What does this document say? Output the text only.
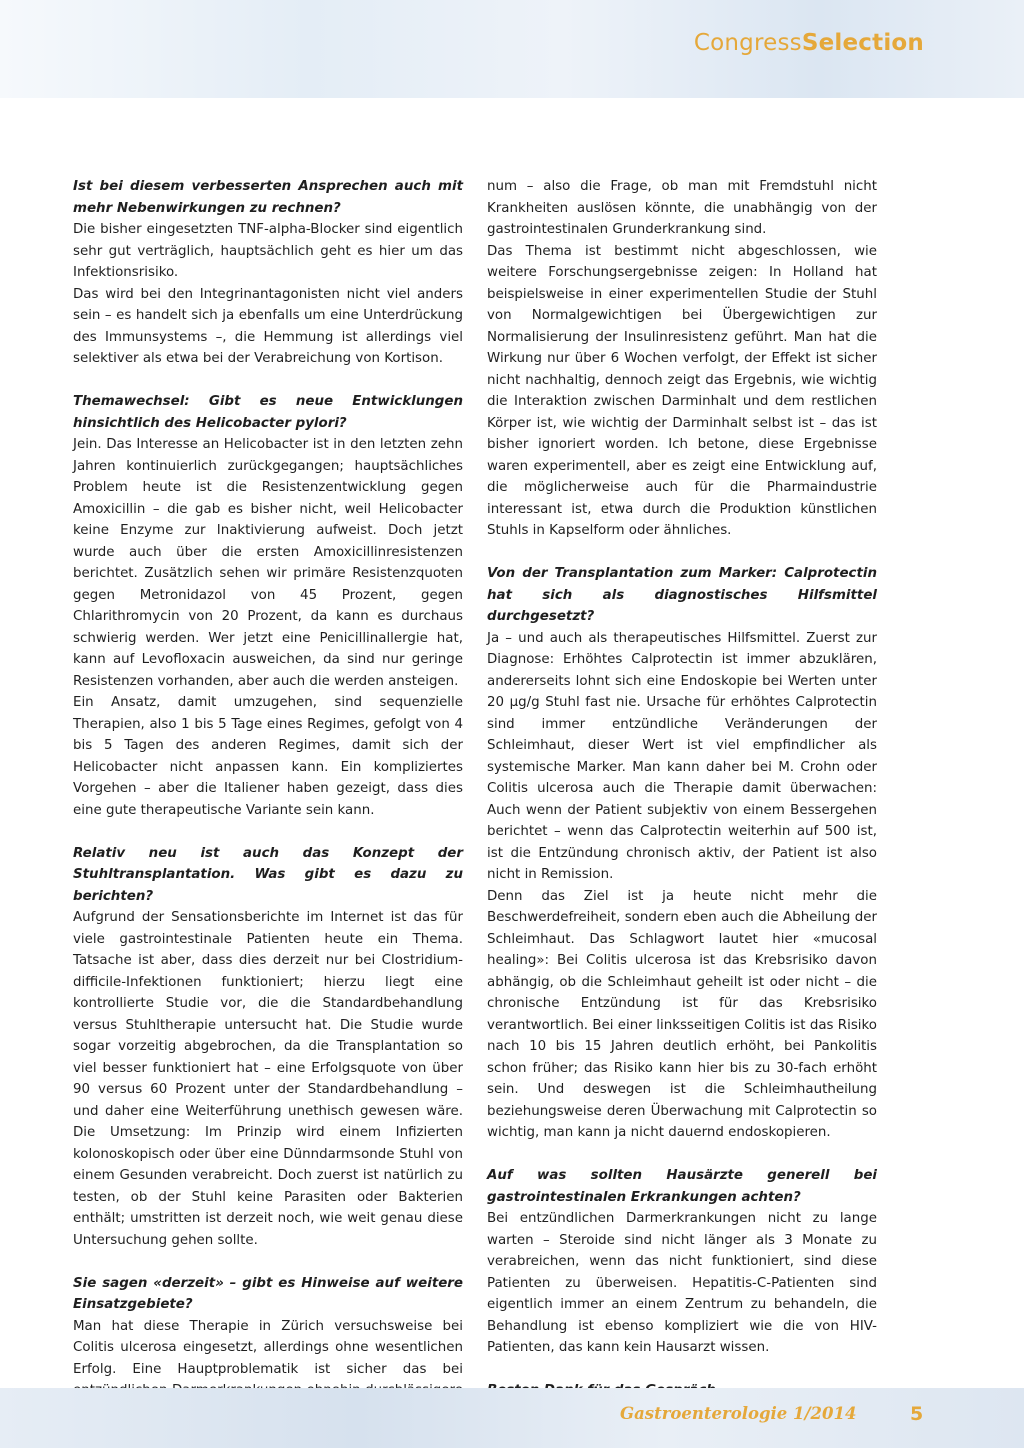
CongressSelection

Ist bei diesem verbesserten Ansprechen auch mit mehr Nebenwirkungen zu rechnen?

Die bisher eingesetzten TNF-alpha-Blocker sind eigentlich sehr gut verträglich, hauptsächlich geht es hier um das Infektionsrisiko.

Das wird bei den Integrinantagonisten nicht viel anders sein – es handelt sich ja ebenfalls um eine Unterdrückung des Immunsystems –, die Hemmung ist allerdings viel selektiver als etwa bei der Verabreichung von Kortison.

Themawechsel: Gibt es neue Entwicklungen hinsichtlich des Helicobacter pylori?

Jein. Das Interesse an Helicobacter ist in den letzten zehn Jahren kontinuierlich zurückgegangen; hauptsächliches Problem heute ist die Resistenzentwicklung gegen Amoxicillin – die gab es bisher nicht, weil Helicobacter keine Enzyme zur Inaktivierung aufweist. Doch jetzt wurde auch über die ersten Amoxicillinresistenzen berichtet. Zusätzlich sehen wir primäre Resistenzquoten gegen Metronidazol von 45 Prozent, gegen Chlarithromycin von 20 Prozent, da kann es durchaus schwierig werden. Wer jetzt eine Penicillinallergie hat, kann auf Levofloxacin ausweichen, da sind nur geringe Resistenzen vorhanden, aber auch die werden ansteigen.

Ein Ansatz, damit umzugehen, sind sequenzielle Therapien, also 1 bis 5 Tage eines Regimes, gefolgt von 4 bis 5 Tagen des anderen Regimes, damit sich der Helicobacter nicht anpassen kann. Ein kompliziertes Vorgehen – aber die Italiener haben gezeigt, dass dies eine gute therapeutische Variante sein kann.

Relativ neu ist auch das Konzept der Stuhltransplantation. Was gibt es dazu zu berichten?

Aufgrund der Sensationsberichte im Internet ist das für viele gastrointestinale Patienten heute ein Thema. Tatsache ist aber, dass dies derzeit nur bei Clostridium-difficile-Infektionen funktioniert; hierzu liegt eine kontrollierte Studie vor, die die Standardbehandlung versus Stuhltherapie untersucht hat. Die Studie wurde sogar vorzeitig abgebrochen, da die Transplantation so viel besser funktioniert hat – eine Erfolgsquote von über 90 versus 60 Prozent unter der Standardbehandlung – und daher eine Weiterführung unethisch gewesen wäre. Die Umsetzung: Im Prinzip wird einem Infizierten kolonoskopisch oder über eine Dünndarmsonde Stuhl von einem Gesunden verabreicht. Doch zuerst ist natürlich zu testen, ob der Stuhl keine Parasiten oder Bakterien enthält; umstritten ist derzeit noch, wie weit genau diese Untersuchung gehen sollte.

Sie sagen «derzeit» – gibt es Hinweise auf weitere Einsatzgebiete?

Man hat diese Therapie in Zürich versuchsweise bei Colitis ulcerosa eingesetzt, allerdings ohne wesentlichen Erfolg. Eine Hauptproblematik ist sicher das bei

num – also die Frage, ob man mit Fremdstuhl nicht Krankheiten auslösen könnte, die unabhängig von der gastrointestinalen Grunderkrankung sind.

Das Thema ist bestimmt nicht abgeschlossen, wie weitere Forschungsergebnisse zeigen: In Holland hat beispielsweise in einer experimentellen Studie der Stuhl von Normalgewichtigen bei Übergewichtigen zur Normalisierung der Insulinresistenz geführt. Man hat die Wirkung nur über 6 Wochen verfolgt, der Effekt ist sicher nicht nachhaltig, dennoch zeigt das Ergebnis, wie wichtig die Interaktion zwischen Darminhalt und dem restlichen Körper ist, wie wichtig der Darminhalt selbst ist – das ist bisher ignoriert worden. Ich betone, diese Ergebnisse waren experimentell, aber es zeigt eine Entwicklung auf, die möglicherweise auch für die Pharmaindustrie interessant ist, etwa durch die Produktion künstlichen Stuhls in Kapselform oder ähnliches.

Von der Transplantation zum Marker: Calprotectin hat sich als diagnostisches Hilfsmittel durchgesetzt?

Ja – und auch als therapeutisches Hilfsmittel. Zuerst zur Diagnose: Erhöhtes Calprotectin ist immer abzuklären, andererseits lohnt sich eine Endoskopie bei Werten unter 20 µg/g Stuhl fast nie. Ursache für erhöhtes Calprotectin sind immer entzündliche Veränderungen der Schleimhaut, dieser Wert ist viel empfindlicher als systemische Marker. Man kann daher bei M. Crohn oder Colitis ulcerosa auch die Therapie damit überwachen: Auch wenn der Patient subjektiv von einem Bessergehen berichtet – wenn das Calprotectin weiterhin auf 500 ist, ist die Entzündung chronisch aktiv, der Patient ist also nicht in Remission.

Denn das Ziel ist ja heute nicht mehr die Beschwerdefreiheit, sondern eben auch die Abheilung der Schleimhaut. Das Schlagwort lautet hier «mucosal healing»: Bei Colitis ulcerosa ist das Krebsrisiko davon abhängig, ob die Schleimhaut geheilt ist oder nicht – die chronische Entzündung ist für das Krebsrisiko verantwortlich. Bei einer linksseitigen Colitis ist das Risiko nach 10 bis 15 Jahren deutlich erhöht, bei Pankolitis schon früher; das Risiko kann hier bis zu 30-fach erhöht sein. Und deswegen ist die Schleimhautheilung beziehungsweise deren Überwachung mit Calprotectin so wichtig, man kann ja nicht dauernd endoskopieren.

Auf was sollten Hausärzte generell bei gastrointestinalen Erkrankungen achten?

Bei entzündlichen Darmerkrankungen nicht zu lange warten – Steroide sind nicht länger als 3 Monate zu verabreichen, wenn das nicht funktioniert, sind diese Patienten zu überweisen. Hepatitis-C-Patienten sind eigentlich immer an einem Zentrum zu behandeln, die Behandlung ist ebenso kompliziert wie die von HIV-Patienten, das kann kein Hausarzt wissen.

Gastroenterologie 1/2014	5
